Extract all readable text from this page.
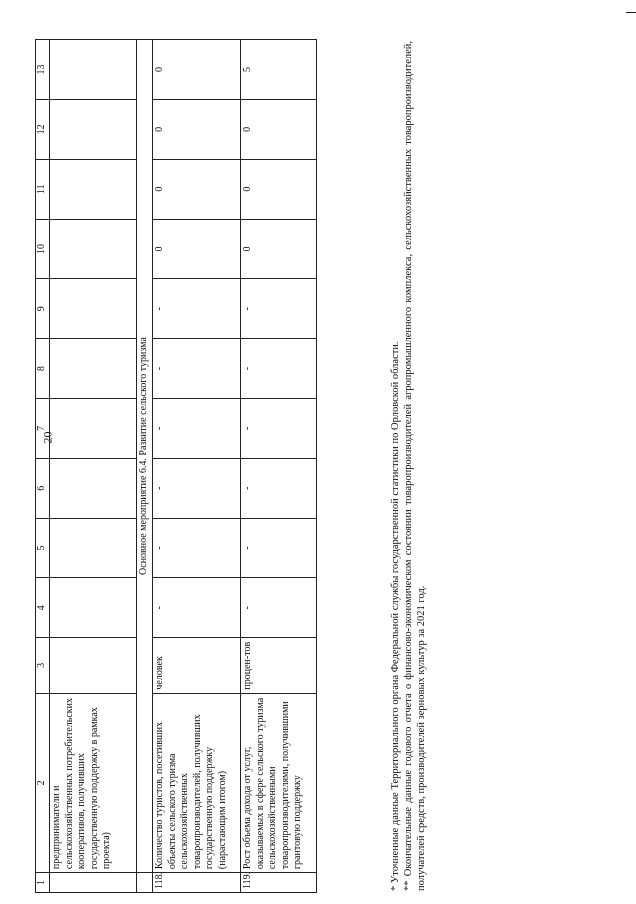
20
1	2	3	4	5	6	7	8	9	10	11	12	13
	предприниматели и сельскохозяйственных потребительских кооперативов, получивших государственную поддержку в рамках проекта)											
	Основное мероприятие 6.4. Развитие сельского туризма											
118.	Количество туристов, посетивших объекты сельского туризма сельскохозяйственных товаропроизводителей, получивших государственную поддержку (нарастающим итогом)	человек	-	-	-	-	-	-	0	0	0	0
119.	Рост объема дохода от услуг, оказываемых в сфере сельского туризма сельскохозяйственными товаропроизводителями, получившими грантовую поддержку	процен-тов	-	-	-	-	-	-	0	0	0	5

* Уточненные данные Территориального органа Федеральной службы государственной статистики по Орловской области. ** Окончательные данные годового отчета о финансово-экономическом состоянии товаропроизводителей агропромышленного комплекса, сельскохозяйственных товаропроизводителей, получателей средств, производителей зерновых культур за 2021 год.
